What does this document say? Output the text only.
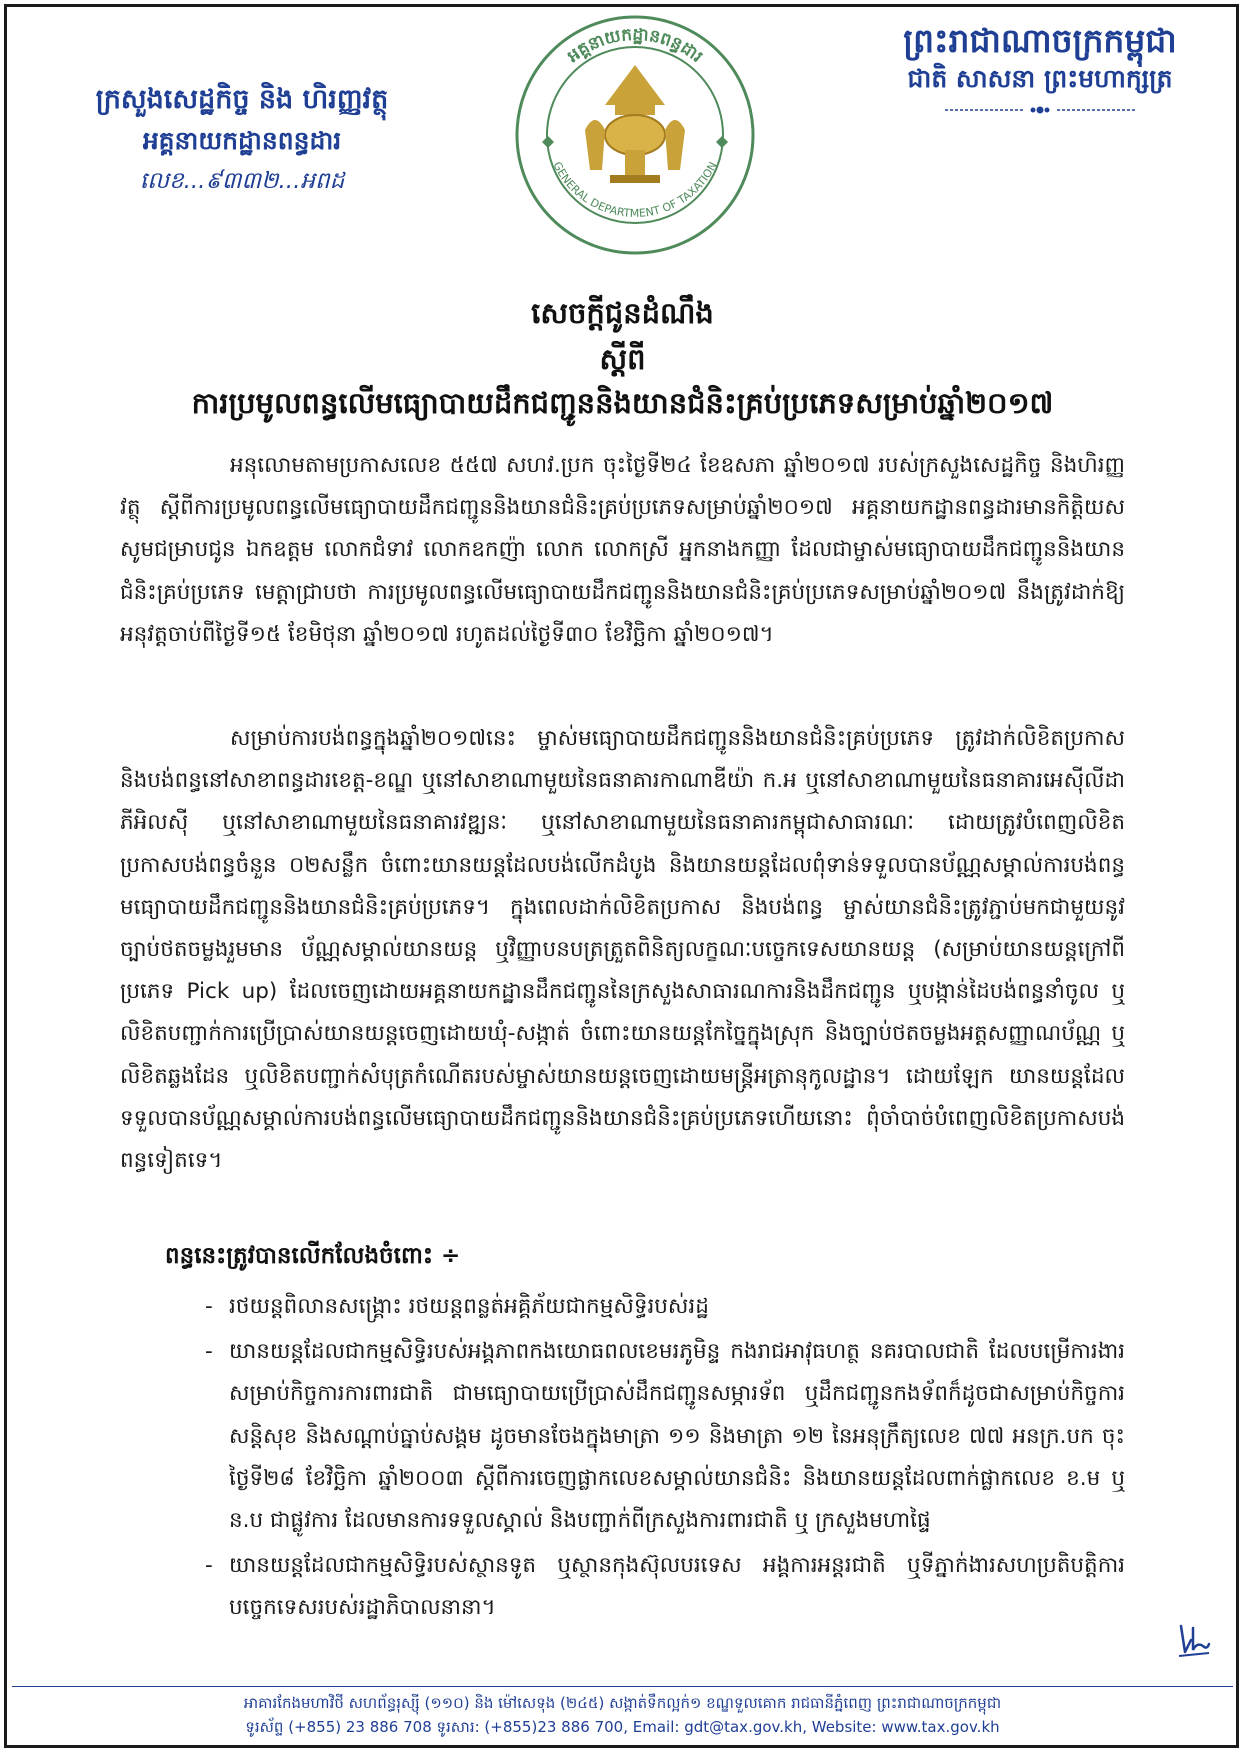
ក្រសួងសេដ្ឋកិច្ច និង ហិរញ្ញវត្ថុ
អគ្គនាយកដ្ឋានពន្ធដារ
លេខ...៩៣៣២...អពដ
អគ្គនាយកដ្ឋានពន្ធដារ
GENERAL DEPARTMENT OF TAXATION
ព្រះរាជាណាចក្រកម្ពុជា
ជាតិ សាសនា ព្រះមហាក្សត្រ
សេចក្តីជូនដំណឹង
ស្តីពី
ការប្រមូលពន្ធលើមធ្យោបាយដឹកជញ្ជូននិងយានជំនិះគ្រប់ប្រភេទសម្រាប់ឆ្នាំ២០១៧
អនុលោមតាមប្រកាសលេខ ៥៥៧ សហវ.ប្រក ចុះថ្ងៃទី២៤ ខែឧសភា ឆ្នាំ២០១៧ របស់ក្រសួងសេដ្ឋកិច្ច និងហិរញ្ញវត្ថុ ស្តីពីការប្រមូលពន្ធលើមធ្យោបាយដឹកជញ្ជូននិងយានជំនិះគ្រប់ប្រភេទសម្រាប់ឆ្នាំ២០១៧ អគ្គនាយកដ្ឋានពន្ធដារមានកិត្តិយសសូមជម្រាបជូន ឯកឧត្តម លោកជំទាវ លោកឧកញ៉ា លោក លោកស្រី អ្នកនាងកញ្ញា ដែលជាម្ចាស់មធ្យោបាយដឹកជញ្ជូននិងយានជំនិះគ្រប់ប្រភេទ មេត្តាជ្រាបថា ការប្រមូលពន្ធលើមធ្យោបាយដឹកជញ្ជូននិងយានជំនិះគ្រប់ប្រភេទសម្រាប់ឆ្នាំ២០១៧ នឹងត្រូវដាក់ឱ្យអនុវត្តចាប់ពីថ្ងៃទី១៥ ខែមិថុនា ឆ្នាំ២០១៧ រហូតដល់ថ្ងៃទី៣០ ខែវិច្ឆិកា ឆ្នាំ២០១៧។
សម្រាប់ការបង់ពន្ធក្នុងឆ្នាំ២០១៧នេះ ម្ចាស់មធ្យោបាយដឹកជញ្ជូននិងយានជំនិះគ្រប់ប្រភេទ ត្រូវដាក់លិខិតប្រកាស និងបង់ពន្ធនៅសាខាពន្ធដារខេត្ត-ខណ្ឌ ឬនៅសាខាណាមួយនៃធនាគារកាណាឌីយ៉ា ក.អ ឬនៅសាខាណាមួយនៃធនាគារអេស៊ីលីដា ភីអិលស៊ី ឬនៅសាខាណាមួយនៃធនាគារវឌ្ឍនៈ ឬនៅសាខាណាមួយនៃធនាគារកម្ពុជាសាធារណៈ ដោយត្រូវបំពេញលិខិតប្រកាសបង់ពន្ធចំនួន ០២សន្លឹក ចំពោះយានយន្តដែលបង់លើកដំបូង និងយានយន្តដែលពុំទាន់ទទួលបានប័ណ្ណសម្គាល់ការបង់ពន្ធមធ្យោបាយដឹកជញ្ជូននិងយានជំនិះគ្រប់ប្រភេទ។ ក្នុងពេលដាក់លិខិតប្រកាស និងបង់ពន្ធ ម្ចាស់យានជំនិះត្រូវភ្ជាប់មកជាមួយនូវច្បាប់ថតចម្លងរួមមាន ប័ណ្ណសម្គាល់យានយន្ត ឬវិញ្ញាបនបត្រត្រួតពិនិត្យលក្ខណៈបច្ចេកទេសយានយន្ត (សម្រាប់យានយន្តក្រៅពីប្រភេទ Pick up) ដែលចេញដោយអគ្គនាយកដ្ឋានដឹកជញ្ជូននៃក្រសួងសាធារណការនិងដឹកជញ្ជូន ឬបង្កាន់ដៃបង់ពន្ធនាំចូល ឬលិខិតបញ្ជាក់ការប្រើប្រាស់យានយន្តចេញដោយឃុំ-សង្កាត់ ចំពោះយានយន្តកែច្នៃក្នុងស្រុក និងច្បាប់ថតចម្លងអត្តសញ្ញាណប័ណ្ណ ឬលិខិតឆ្លងដែន ឬលិខិតបញ្ជាក់សំបុត្រកំណើតរបស់ម្ចាស់យានយន្តចេញដោយមន្ត្រីអត្រានុកូលដ្ឋាន។ ដោយឡែក យានយន្តដែលទទួលបានប័ណ្ណសម្គាល់ការបង់ពន្ធលើមធ្យោបាយដឹកជញ្ជូននិងយានជំនិះគ្រប់ប្រភេទហើយនោះ ពុំចាំបាច់បំពេញលិខិតប្រកាសបង់ពន្ធទៀតទេ។
ពន្ធនេះត្រូវបានលើកលែងចំពោះ ÷
- រថយន្តពិលានសង្គ្រោះ រថយន្តពន្លត់អគ្គិភ័យជាកម្មសិទ្ធិរបស់រដ្ឋ
- យានយន្តដែលជាកម្មសិទ្ធិរបស់អង្គភាពកងយោធពលខេមរភូមិន្ទ កងរាជអាវុធហត្ថ នគរបាលជាតិ ដែលបម្រើការងារសម្រាប់កិច្ចការការពារជាតិ ជាមធ្យោបាយប្រើប្រាស់ដឹកជញ្ជូនសម្ភារទ័ព ឬដឹកជញ្ជូនកងទ័ពក៏ដូចជាសម្រាប់កិច្ចការសន្តិសុខ និងសណ្តាប់ធ្នាប់សង្គម ដូចមានចែងក្នុងមាត្រា ១១ និងមាត្រា ១២ នៃអនុក្រឹត្យលេខ ៧៧ អនក្រ.បក ចុះថ្ងៃទី២៨ ខែវិច្ឆិកា ឆ្នាំ២០០៣ ស្តីពីការចេញផ្លាកលេខសម្គាល់យានជំនិះ និងយានយន្តដែលពាក់ផ្លាកលេខ ខ.ម ឬ ន.ប ជាផ្លូវការ ដែលមានការទទួលស្គាល់ និងបញ្ជាក់ពីក្រសួងការពារជាតិ ឬ ក្រសួងមហាផ្ទៃ
- យានយន្តដែលជាកម្មសិទ្ធិរបស់ស្ថានទូត ឬស្ថានកុងស៊ុលបរទេស អង្គការអន្តរជាតិ ឬទីភ្នាក់ងារសហប្រតិបត្តិការបច្ចេកទេសរបស់រដ្ឋាភិបាលនានា។
អាគារកែងមហាវិថី សហព័ន្ធរុស្ស៊ី (១១០) និង ម៉ៅសេទុង (២៤៥) សង្កាត់ទឹកល្អក់១ ខណ្ឌទួលគោក រាជធានីភ្នំពេញ ព្រះរាជាណាចក្រកម្ពុជា
ទូរស័ព្ទ (+855) 23 886 708 ទូរសារ: (+855)23 886 700, Email: gdt@tax.gov.kh, Website: www.tax.gov.kh
